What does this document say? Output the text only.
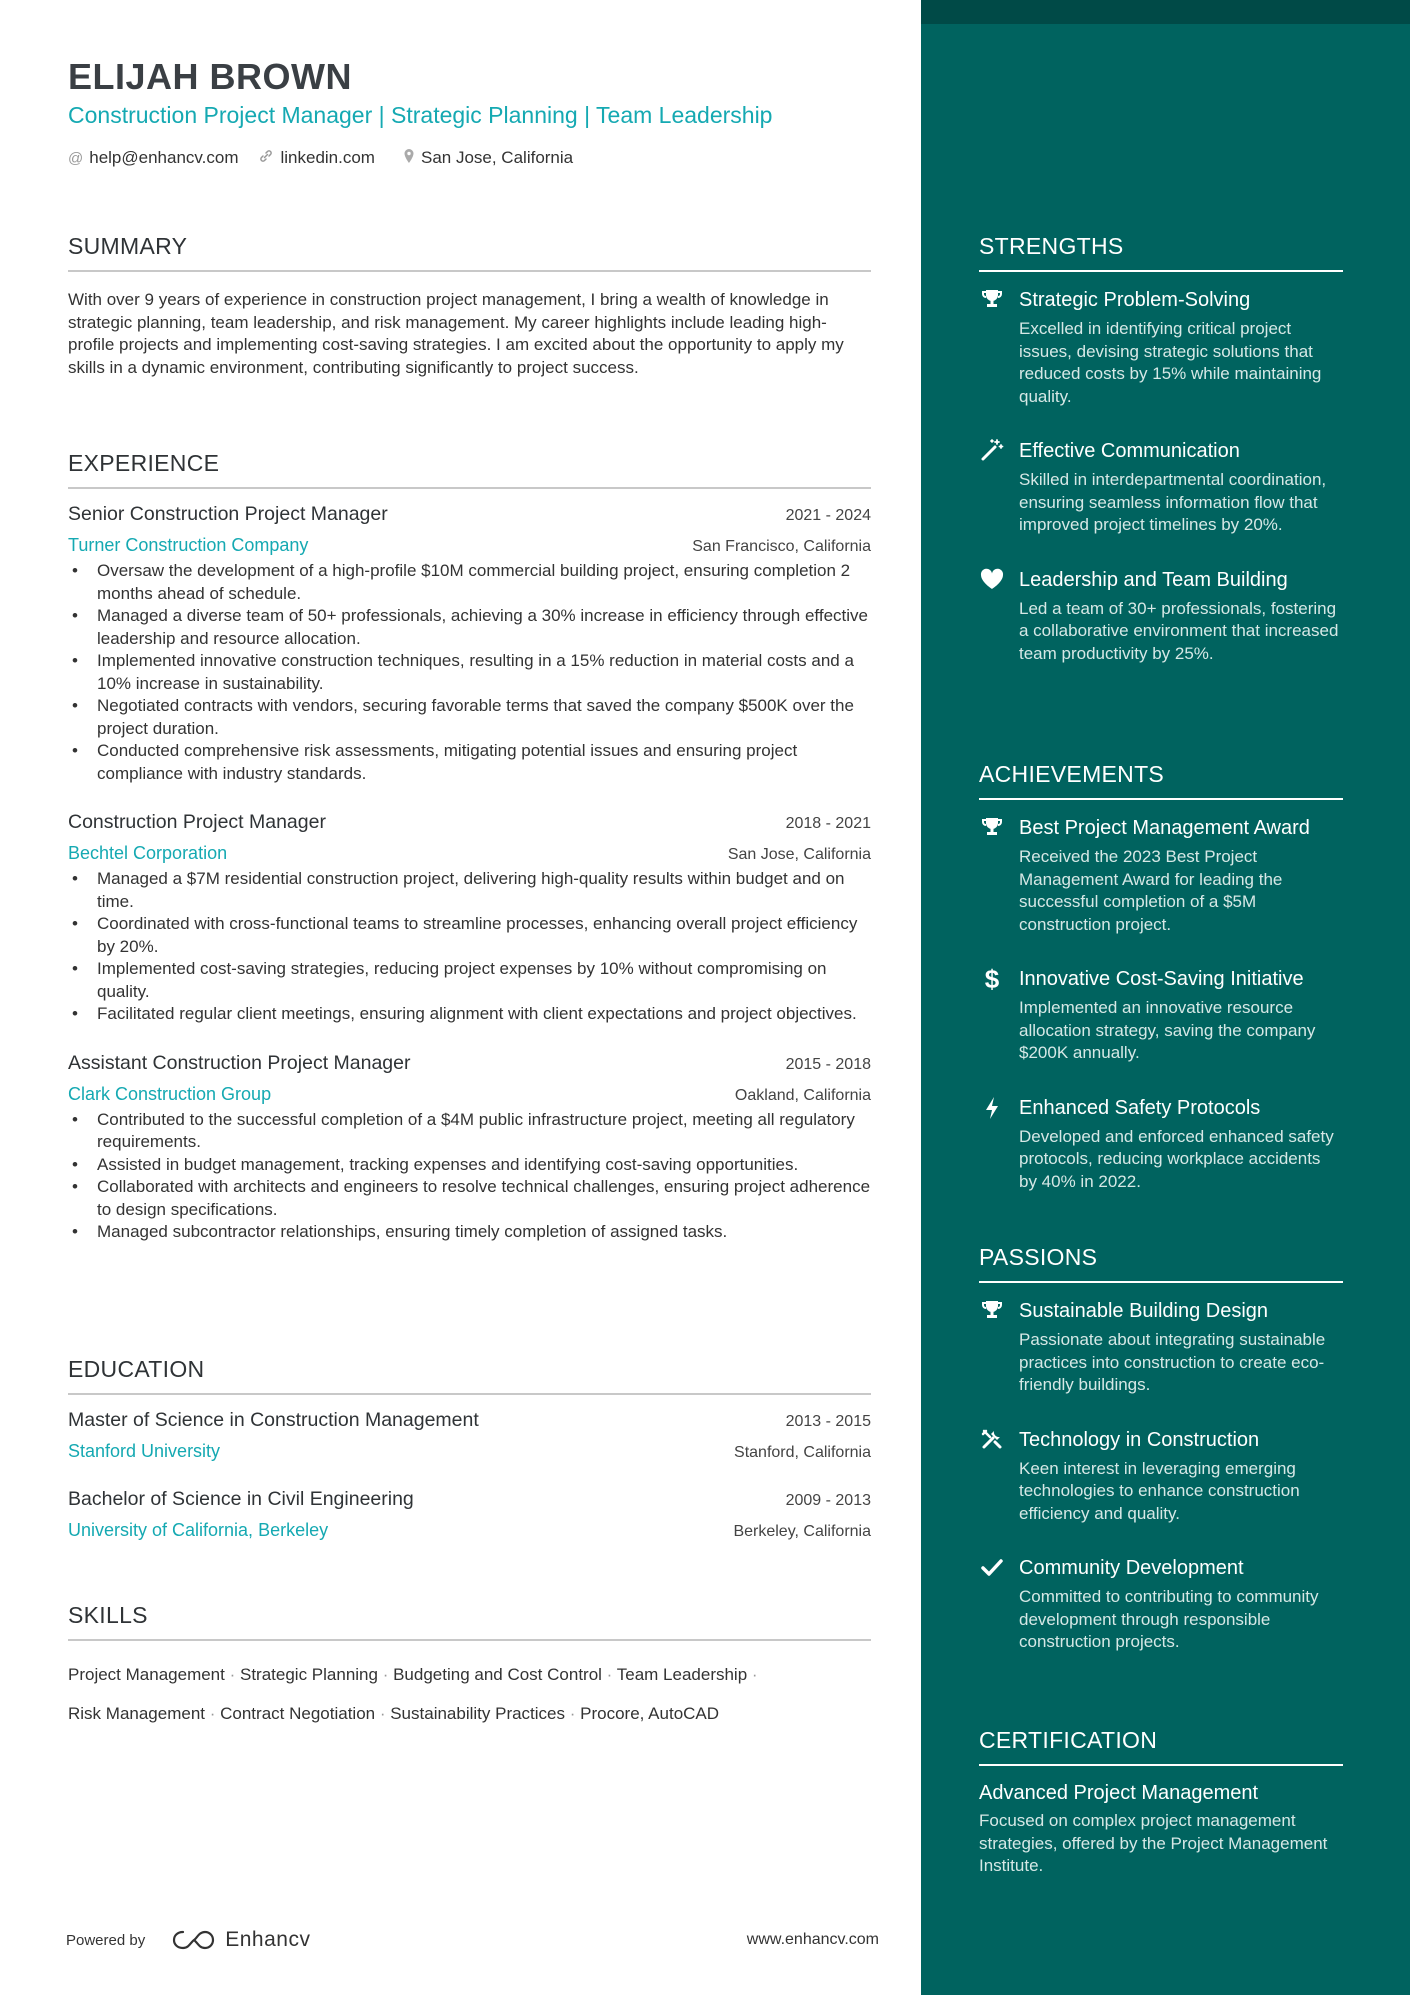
ELIJAH BROWN
Construction Project Manager | Strategic Planning | Team Leadership
@ help@enhancv.com linkedin.com	San Jose, California
SUMMARY

With over 9 years of experience in construction project management, I bring a wealth of knowledge in strategic planning, team leadership, and risk management. My career highlights include leading high-profile projects and implementing cost-saving strategies. I am excited about the opportunity to apply my skills in a dynamic environment, contributing significantly to project success.

EXPERIENCE
Senior Construction Project Manager	2021 - 2024
Turner Construction Company	San Francisco, California
• Oversaw the development of a high-profile $10M commercial building project, ensuring completion 2 months ahead of schedule.
• Managed a diverse team of 50+ professionals, achieving a 30% increase in efficiency through effective leadership and resource allocation.
• Implemented innovative construction techniques, resulting in a 15% reduction in material costs and a 10% increase in sustainability.
• Negotiated contracts with vendors, securing favorable terms that saved the company $500K over the project duration.
• Conducted comprehensive risk assessments, mitigating potential issues and ensuring project compliance with industry standards.
Construction Project Manager	2018 - 2021
Bechtel Corporation	San Jose, California
• Managed a $7M residential construction project, delivering high-quality results within budget and on time.
• Coordinated with cross-functional teams to streamline processes, enhancing overall project efficiency by 20%.
• Implemented cost-saving strategies, reducing project expenses by 10% without compromising on quality.
• Facilitated regular client meetings, ensuring alignment with client expectations and project objectives.
Assistant Construction Project Manager	2015 - 2018
Clark Construction Group	Oakland, California
• Contributed to the successful completion of a $4M public infrastructure project, meeting all regulatory requirements.
• Assisted in budget management, tracking expenses and identifying cost-saving opportunities.
• Collaborated with architects and engineers to resolve technical challenges, ensuring project adherence to design specifications.
• Managed subcontractor relationships, ensuring timely completion of assigned tasks.
EDUCATION
Master of Science in Construction Management	2013 - 2015
Stanford University	Stanford, California
Bachelor of Science in Civil Engineering	2009 - 2013
University of California, Berkeley	Berkeley, California
SKILLS
Project Management · Strategic Planning · Budgeting and Cost Control · Team Leadership ·
Risk Management · Contract Negotiation · Sustainability Practices · Procore, AutoCAD
Powered by	Enhancv	www.enhancv.com
STRENGTHS
Strategic Problem-Solving
Excelled in identifying critical project issues, devising strategic solutions that reduced costs by 15% while maintaining quality.
Effective Communication
Skilled in interdepartmental coordination, ensuring seamless information flow that improved project timelines by 20%.
Leadership and Team Building
Led a team of 30+ professionals, fostering a collaborative environment that increased team productivity by 25%.
ACHIEVEMENTS
Best Project Management Award
Received the 2023 Best Project Management Award for leading the successful completion of a $5M construction project.
$ Innovative Cost-Saving Initiative
Implemented an innovative resource allocation strategy, saving the company $200K annually.
Enhanced Safety Protocols
Developed and enforced enhanced safety protocols, reducing workplace accidents by 40% in 2022.
PASSIONS
Sustainable Building Design
Passionate about integrating sustainable practices into construction to create eco-friendly buildings.
Technology in Construction
Keen interest in leveraging emerging technologies to enhance construction efficiency and quality.
Community Development
Committed to contributing to community development through responsible construction projects.
CERTIFICATION
Advanced Project Management
Focused on complex project management strategies, offered by the Project Management Institute.
